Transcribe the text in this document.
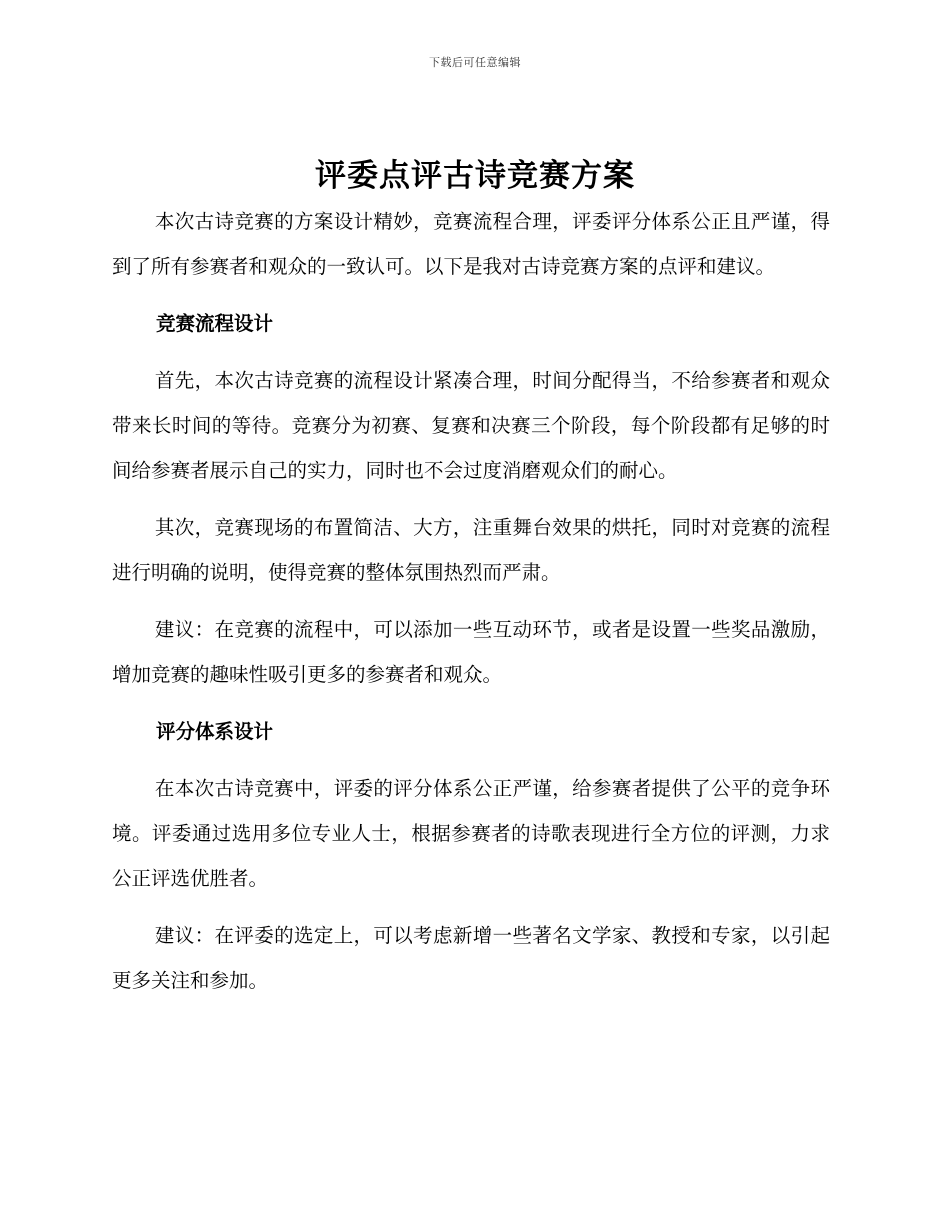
下载后可任意编辑
评委点评古诗竞赛方案

本次古诗竞赛的方案设计精妙，竞赛流程合理，评委评分体系公正且严谨，得到了所有参赛者和观众的一致认可。以下是我对古诗竞赛方案的点评和建议。

竞赛流程设计

首先，本次古诗竞赛的流程设计紧凑合理，时间分配得当，不给参赛者和观众带来长时间的等待。竞赛分为初赛、复赛和决赛三个阶段，每个阶段都有足够的时间给参赛者展示自己的实力，同时也不会过度消磨观众们的耐心。

其次，竞赛现场的布置简洁、大方，注重舞台效果的烘托，同时对竞赛的流程进行明确的说明，使得竞赛的整体氛围热烈而严肃。

建议：在竞赛的流程中，可以添加一些互动环节，或者是设置一些奖品激励，增加竞赛的趣味性吸引更多的参赛者和观众。

评分体系设计

在本次古诗竞赛中，评委的评分体系公正严谨，给参赛者提供了公平的竞争环境。评委通过选用多位专业人士，根据参赛者的诗歌表现进行全方位的评测，力求公正评选优胜者。

建议：在评委的选定上，可以考虑新增一些著名文学家、教授和专家，以引起更多关注和参加。
